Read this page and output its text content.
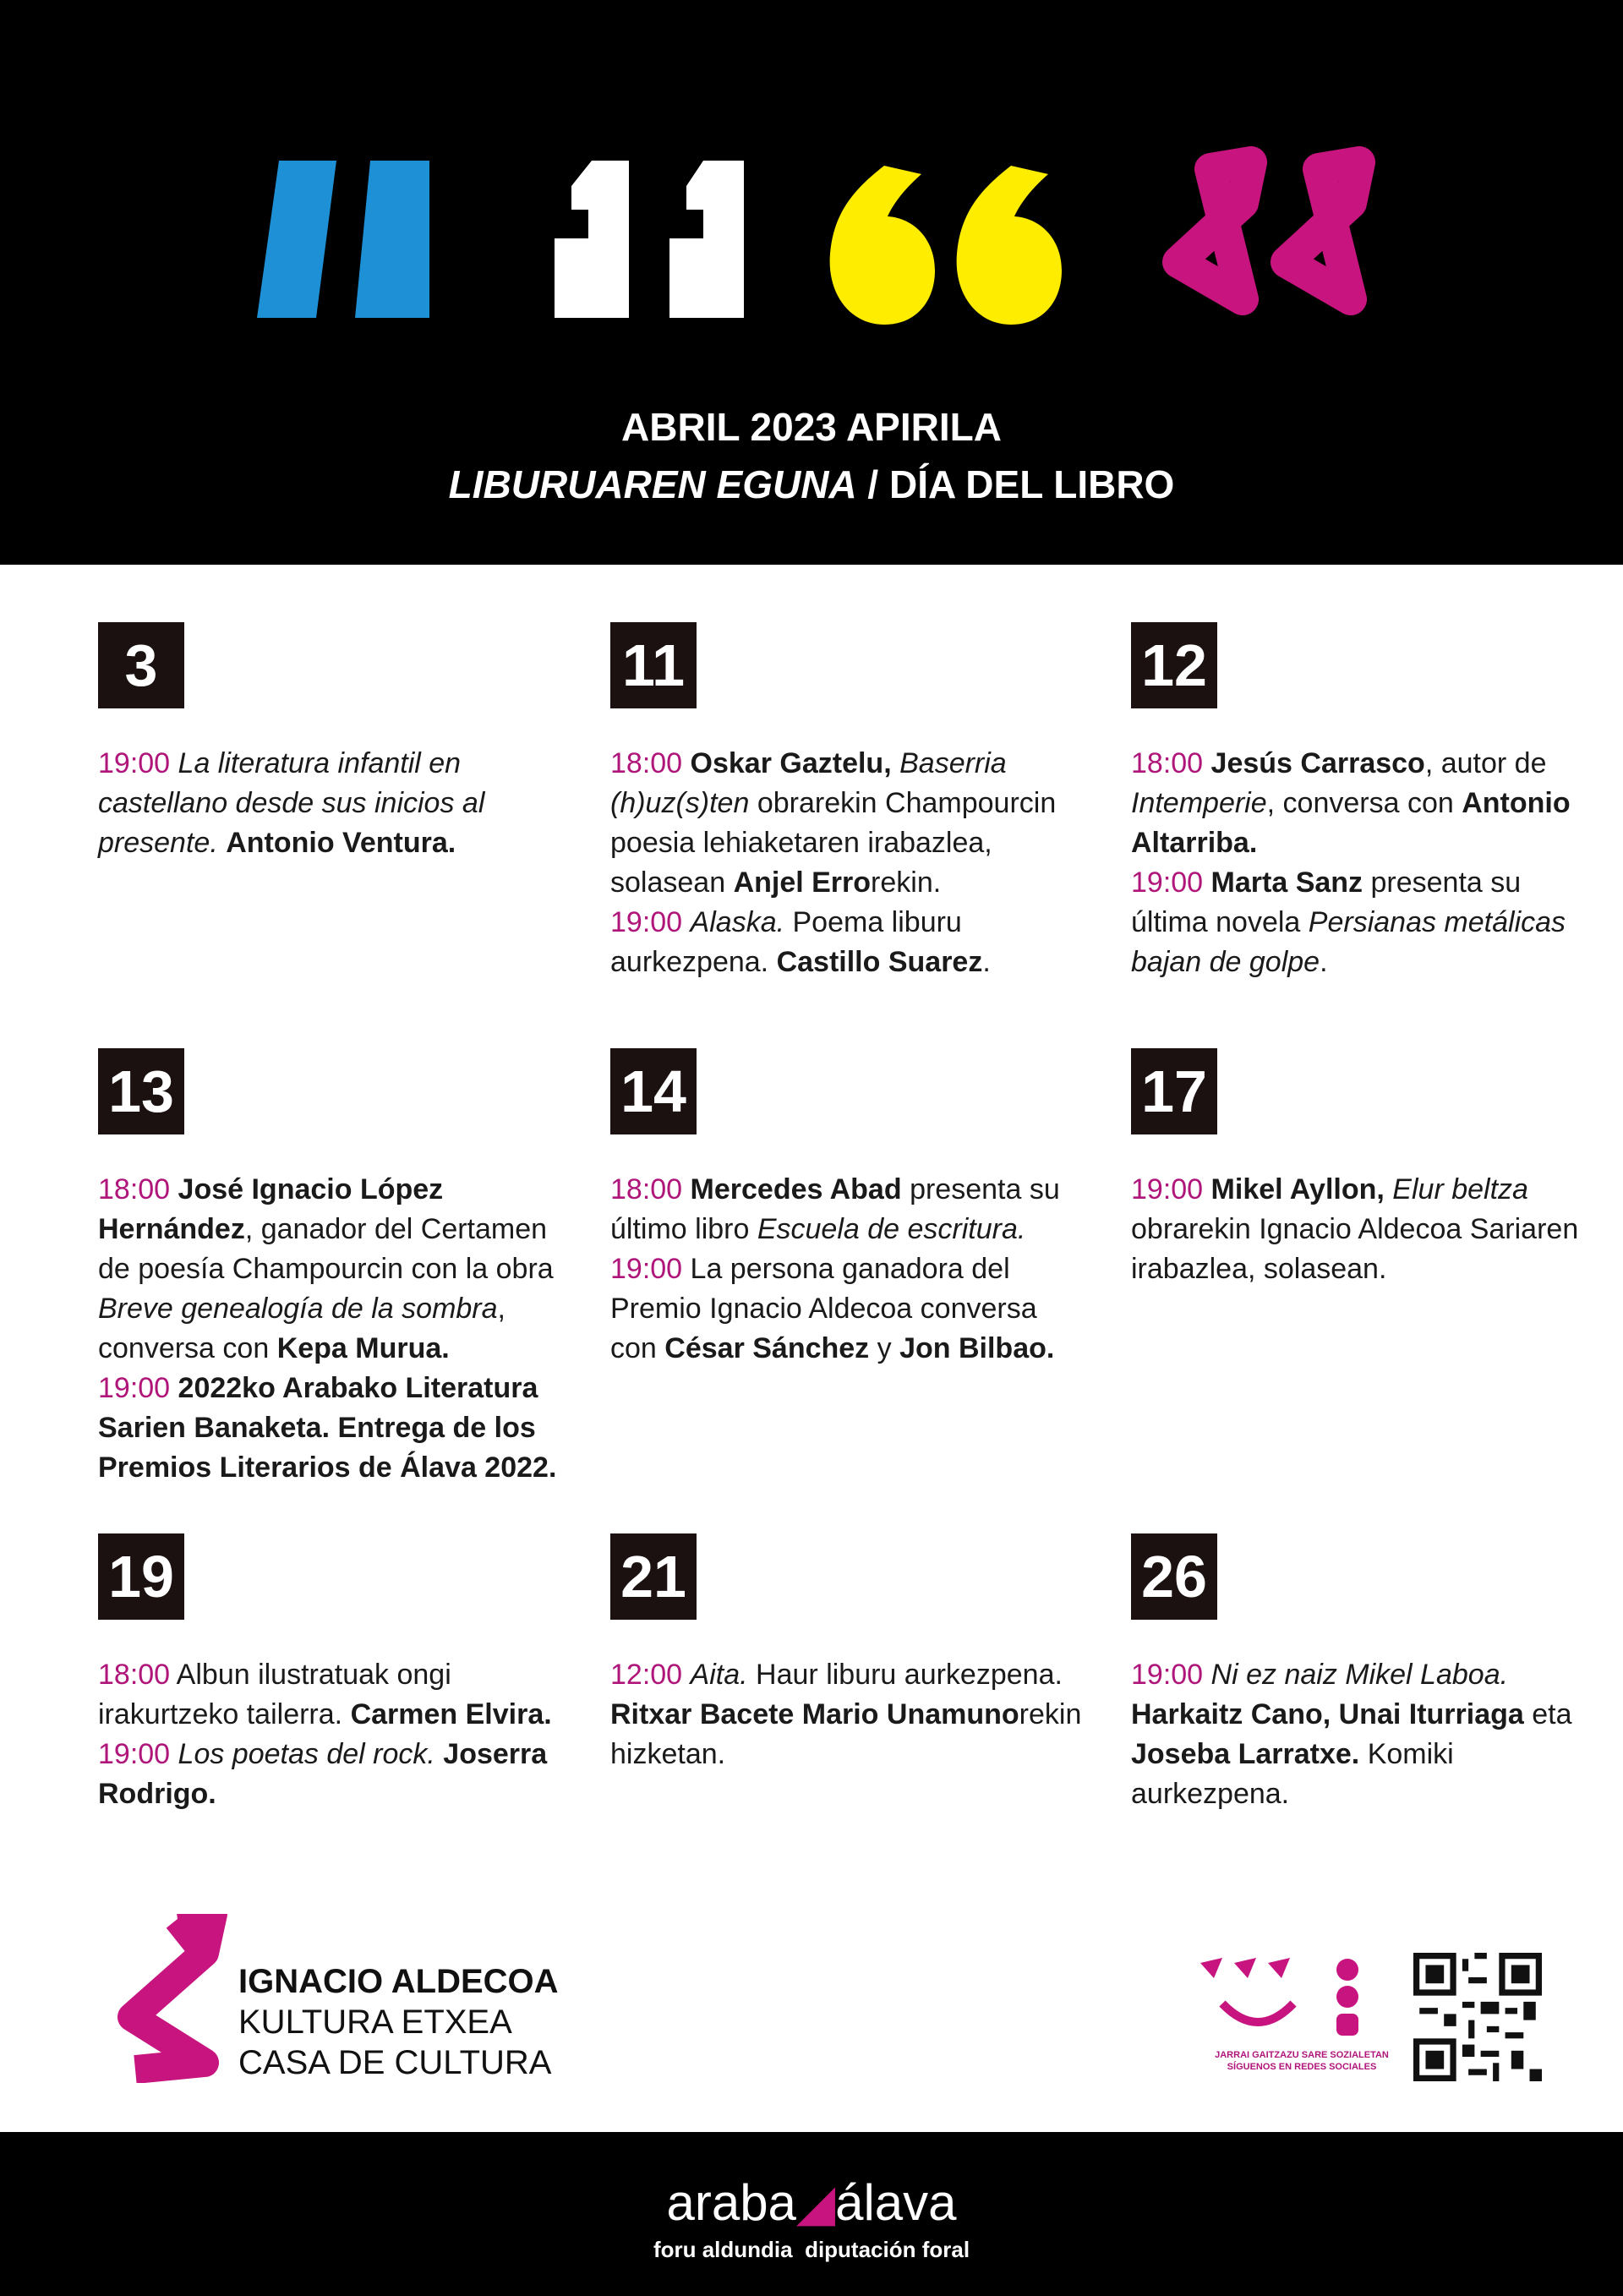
ABRIL 2023 APIRILA
LIBURUAREN EGUNA / DÍA DEL LIBRO
3
19:00 La literatura infantil en castellano desde sus inicios al presente. Antonio Ventura.
11
18:00 Oskar Gaztelu, Baserria (h)uz(s)ten obrarekin Champourcin poesia lehiaketaren irabazlea, solasean Anjel Errorekin.
19:00 Alaska. Poema liburu aurkezpena. Castillo Suarez.
12
18:00 Jesús Carrasco, autor de Intemperie, conversa con Antonio Altarriba.
19:00 Marta Sanz presenta su última novela Persianas metálicas bajan de golpe.
13
18:00 José Ignacio López Hernández, ganador del Certamen de poesía Champourcin con la obra Breve genealogía de la sombra, conversa con Kepa Murua.
19:00 2022ko Arabako Literatura Sarien Banaketa. Entrega de los Premios Literarios de Álava 2022.
14
18:00 Mercedes Abad presenta su último libro Escuela de escritura.
19:00 La persona ganadora del Premio Ignacio Aldecoa conversa con César Sánchez y Jon Bilbao.
17
19:00 Mikel Ayllon, Elur beltza obrarekin Ignacio Aldecoa Sariaren irabazlea, solasean.
19
18:00 Albun ilustratuak ongi irakurtzeko tailerra. Carmen Elvira.
19:00 Los poetas del rock. Joserra Rodrigo.
21
12:00 Aita. Haur liburu aurkezpena. Ritxar Bacete Mario Unamunorekin hizketan.
26
19:00 Ni ez naiz Mikel Laboa. Harkaitz Cano, Unai Iturriaga eta Joseba Larratxe. Komiki aurkezpena.
IGNACIO ALDECOA
KULTURA ETXEA
CASA DE CULTURA	JARRAI GAITZAZU SARE SOZIALETAN
SÍGUENOS EN REDES SOCIALES
araba◢álava
foru aldundia diputación foral
